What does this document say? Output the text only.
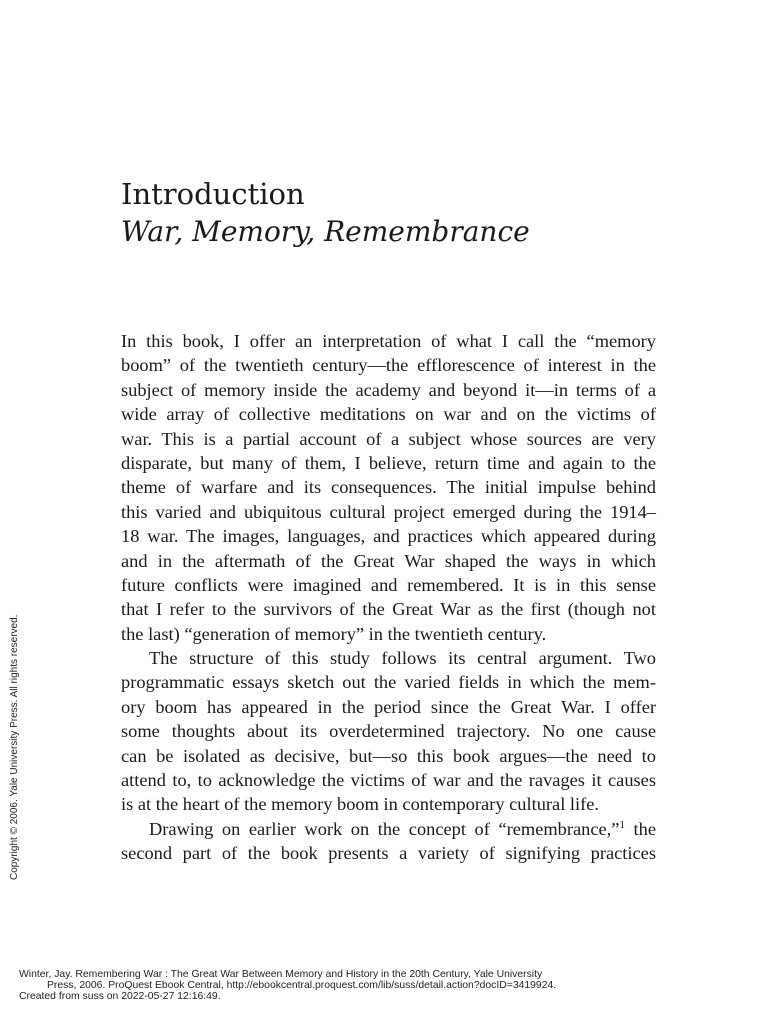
Introduction
War, Memory, Remembrance
In this book, I offer an interpretation of what I call the “memory
boom” of the twentieth century—the efflorescence of interest in the
subject of memory inside the academy and beyond it—in terms of a
wide array of collective meditations on war and on the victims of
war. This is a partial account of a subject whose sources are very
disparate, but many of them, I believe, return time and again to the
theme of warfare and its consequences. The initial impulse behind
this varied and ubiquitous cultural project emerged during the 1914–
18 war. The images, languages, and practices which appeared during
and in the aftermath of the Great War shaped the ways in which
future conflicts were imagined and remembered. It is in this sense
that I refer to the survivors of the Great War as the first (though not
the last) “generation of memory” in the twentieth century.
The structure of this study follows its central argument. Two
programmatic essays sketch out the varied fields in which the mem-
ory boom has appeared in the period since the Great War. I offer
some thoughts about its overdetermined trajectory. No one cause
can be isolated as decisive, but—so this book argues—the need to
attend to, to acknowledge the victims of war and the ravages it causes
is at the heart of the memory boom in contemporary cultural life.
Drawing on earlier work on the concept of “remembrance,”$^1$ the
second part of the book presents a variety of signifying practices
Copyright © 2006. Yale University Press. All rights reserved.
Winter, Jay. Remembering War : The Great War Between Memory and History in the 20th Century, Yale University
Press, 2006. ProQuest Ebook Central, http://ebookcentral.proquest.com/lib/suss/detail.action?docID=3419924.
Created from suss on 2022-05-27 12:16:49.
